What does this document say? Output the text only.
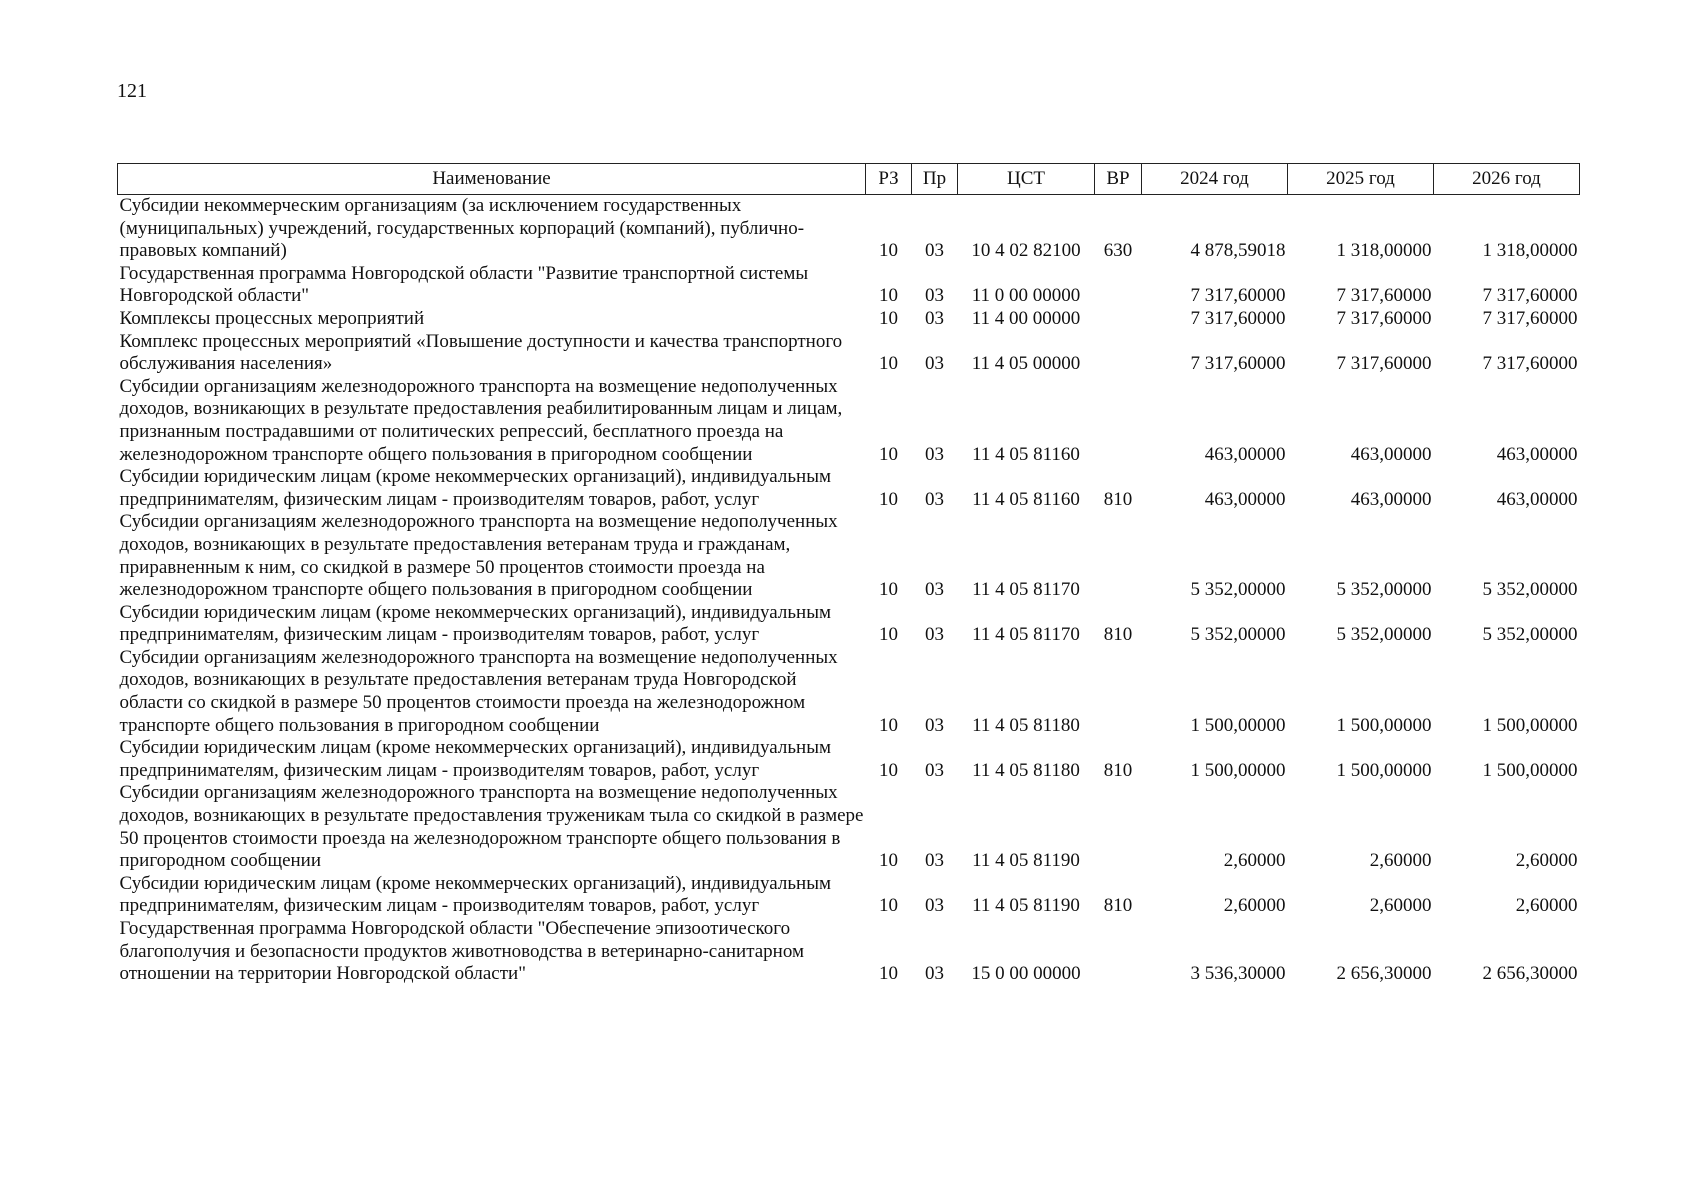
121
Наименование	РЗ	Пр	ЦСТ	ВР	2024 год	2025 год	2026 год
Субсидии некоммерческим организациям (за исключением государственных (муниципальных) учреждений, государственных корпораций (компаний), публично-правовых компаний)	10	03	10 4 02 82100	630	4 878,59018	1 318,00000	1 318,00000
Государственная программа Новгородской области "Развитие транспортной системы Новгородской области"	10	03	11 0 00 00000		7 317,60000	7 317,60000	7 317,60000
Комплексы процессных мероприятий	10	03	11 4 00 00000		7 317,60000	7 317,60000	7 317,60000
Комплекс процессных мероприятий «Повышение доступности и качества транспортного обслуживания населения»	10	03	11 4 05 00000		7 317,60000	7 317,60000	7 317,60000
Субсидии организациям железнодорожного транспорта на возмещение недополученных доходов, возникающих в результате предоставления реабилитированным лицам и лицам, признанным пострадавшими от политических репрессий, бесплатного проезда на железнодорожном транспорте общего пользования в пригородном сообщении	10	03	11 4 05 81160		463,00000	463,00000	463,00000
Субсидии юридическим лицам (кроме некоммерческих организаций), индивидуальным предпринимателям, физическим лицам - производителям товаров, работ, услуг	10	03	11 4 05 81160	810	463,00000	463,00000	463,00000
Субсидии организациям железнодорожного транспорта на возмещение недополученных доходов, возникающих в результате предоставления ветеранам труда и гражданам, приравненным к ним, со скидкой в размере 50 процентов стоимости проезда на железнодорожном транспорте общего пользования в пригородном сообщении	10	03	11 4 05 81170		5 352,00000	5 352,00000	5 352,00000
Субсидии юридическим лицам (кроме некоммерческих организаций), индивидуальным предпринимателям, физическим лицам - производителям товаров, работ, услуг	10	03	11 4 05 81170	810	5 352,00000	5 352,00000	5 352,00000
Субсидии организациям железнодорожного транспорта на возмещение недополученных доходов, возникающих в результате предоставления ветеранам труда Новгородской области со скидкой в размере 50 процентов стоимости проезда на железнодорожном транспорте общего пользования в пригородном сообщении	10	03	11 4 05 81180		1 500,00000	1 500,00000	1 500,00000
Субсидии юридическим лицам (кроме некоммерческих организаций), индивидуальным предпринимателям, физическим лицам - производителям товаров, работ, услуг	10	03	11 4 05 81180	810	1 500,00000	1 500,00000	1 500,00000
Субсидии организациям железнодорожного транспорта на возмещение недополученных доходов, возникающих в результате предоставления труженикам тыла со скидкой в размере 50 процентов стоимости проезда на железнодорожном транспорте общего пользования в пригородном сообщении	10	03	11 4 05 81190		2,60000	2,60000	2,60000
Субсидии юридическим лицам (кроме некоммерческих организаций), индивидуальным предпринимателям, физическим лицам - производителям товаров, работ, услуг	10	03	11 4 05 81190	810	2,60000	2,60000	2,60000
Государственная программа Новгородской области "Обеспечение эпизоотического благополучия и безопасности продуктов животноводства в ветеринарно-санитарном отношении на территории Новгородской области"	10	03	15 0 00 00000		3 536,30000	2 656,30000	2 656,30000
